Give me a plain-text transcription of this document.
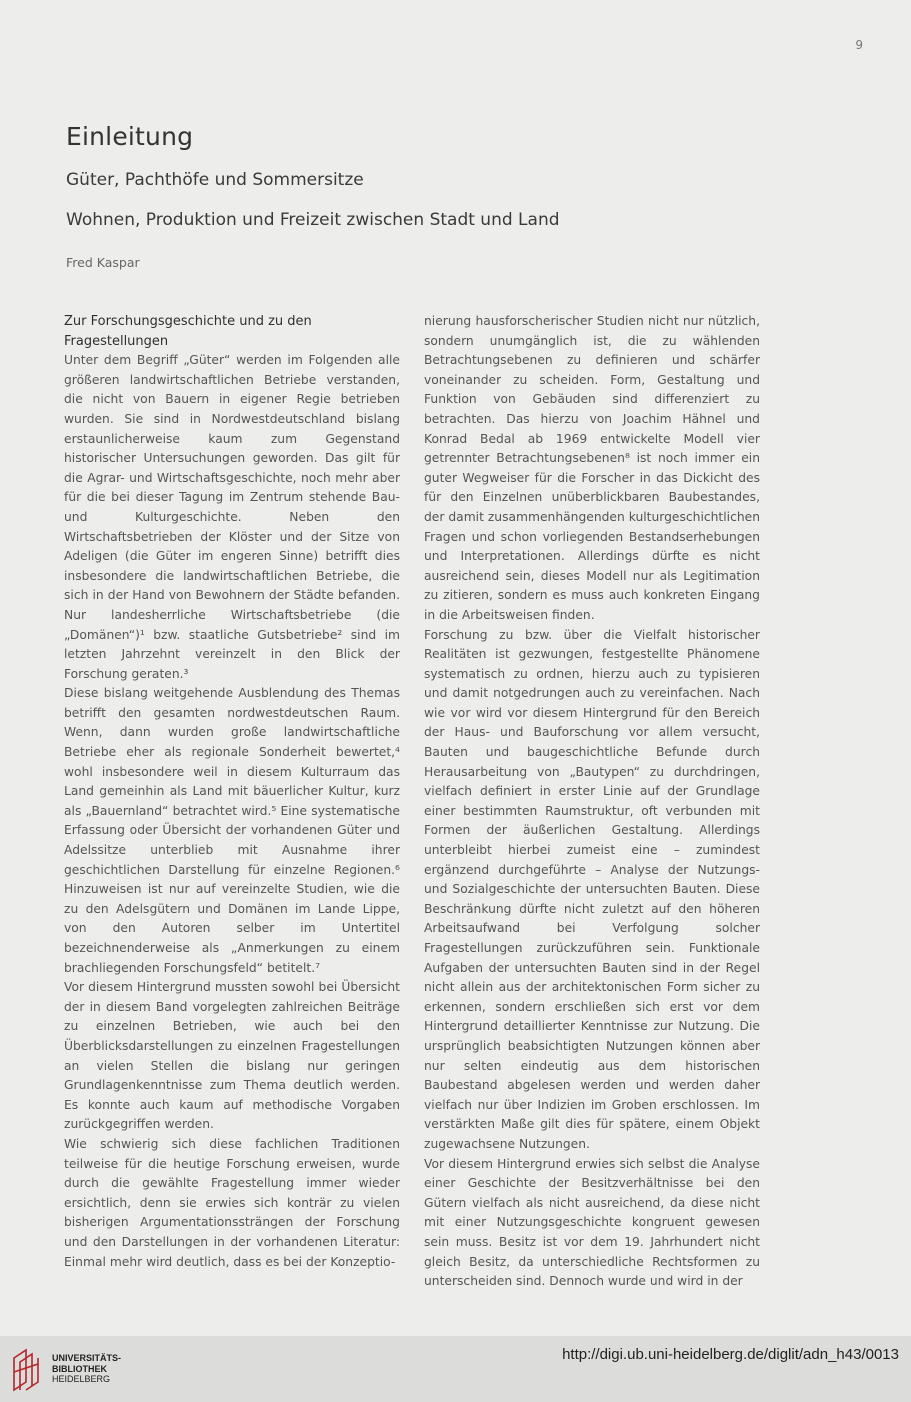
9
Einleitung
Güter, Pachthöfe und Sommersitze
Wohnen, Produktion und Freizeit zwischen Stadt und Land
Fred Kaspar
Zur Forschungsgeschichte und zu den Fragestellungen

Unter dem Begriff „Güter“ werden im Folgenden alle größeren landwirtschaftlichen Betriebe verstanden, die nicht von Bauern in eigener Regie betrieben wurden. Sie sind in Nordwestdeutschland bislang erstaunlicherweise kaum zum Gegenstand historischer Untersuchungen geworden. Das gilt für die Agrar- und Wirtschaftsgeschichte, noch mehr aber für die bei dieser Tagung im Zentrum stehende Bau- und Kulturgeschichte. Neben den Wirtschaftsbetrieben der Klöster und der Sitze von Adeligen (die Güter im engeren Sinne) betrifft dies insbesondere die landwirtschaftlichen Betriebe, die sich in der Hand von Bewohnern der Städte befanden. Nur landesherrliche Wirtschaftsbetriebe (die „Domänen“)¹ bzw. staatliche Gutsbetriebe² sind im letzten Jahrzehnt vereinzelt in den Blick der Forschung geraten.³

Diese bislang weitgehende Ausblendung des Themas betrifft den gesamten nordwestdeutschen Raum. Wenn, dann wurden große landwirtschaftliche Betriebe eher als regionale Sonderheit bewertet,⁴ wohl insbesondere weil in diesem Kulturraum das Land gemeinhin als Land mit bäuerlicher Kultur, kurz als „Bauernland“ betrachtet wird.⁵ Eine systematische Erfassung oder Übersicht der vorhandenen Güter und Adelssitze unterblieb mit Ausnahme ihrer geschichtlichen Darstellung für einzelne Regionen.⁶ Hinzuweisen ist nur auf vereinzelte Studien, wie die zu den Adelsgütern und Domänen im Lande Lippe, von den Autoren selber im Untertitel bezeichnenderweise als „Anmerkungen zu einem brachliegenden Forschungsfeld“ betitelt.⁷

Vor diesem Hintergrund mussten sowohl bei Übersicht der in diesem Band vorgelegten zahlreichen Beiträge zu einzelnen Betrieben, wie auch bei den Überblicksdarstellungen zu einzelnen Fragestellungen an vielen Stellen die bislang nur geringen Grundlagenkenntnisse zum Thema deutlich werden. Es konnte auch kaum auf methodische Vorgaben zurückgegriffen werden.

Wie schwierig sich diese fachlichen Traditionen teilweise für die heutige Forschung erweisen, wurde durch die gewählte Fragestellung immer wieder ersichtlich, denn sie erwies sich konträr zu vielen bisherigen Argumentationssträngen der Forschung und den Darstellungen in der vorhandenen Literatur: Einmal mehr wird deutlich, dass es bei der Konzeptio-

nierung hausforscherischer Studien nicht nur nützlich, sondern unumgänglich ist, die zu wählenden Betrachtungsebenen zu definieren und schärfer voneinander zu scheiden. Form, Gestaltung und Funktion von Gebäuden sind differenziert zu betrachten. Das hierzu von Joachim Hähnel und Konrad Bedal ab 1969 entwickelte Modell vier getrennter Betrachtungsebenen⁸ ist noch immer ein guter Wegweiser für die Forscher in das Dickicht des für den Einzelnen unüberblickbaren Baubestandes, der damit zusammenhängenden kulturgeschichtlichen Fragen und schon vorliegenden Bestandserhebungen und Interpretationen. Allerdings dürfte es nicht ausreichend sein, dieses Modell nur als Legitimation zu zitieren, sondern es muss auch konkreten Eingang in die Arbeitsweisen finden.

Forschung zu bzw. über die Vielfalt historischer Realitäten ist gezwungen, festgestellte Phänomene systematisch zu ordnen, hierzu auch zu typisieren und damit notgedrungen auch zu vereinfachen. Nach wie vor wird vor diesem Hintergrund für den Bereich der Haus- und Bauforschung vor allem versucht, Bauten und baugeschichtliche Befunde durch Herausarbeitung von „Bautypen“ zu durchdringen, vielfach definiert in erster Linie auf der Grundlage einer bestimmten Raumstruktur, oft verbunden mit Formen der äußerlichen Gestaltung. Allerdings unterbleibt hierbei zumeist eine – zumindest ergänzend durchgeführte – Analyse der Nutzungs- und Sozialgeschichte der untersuchten Bauten. Diese Beschränkung dürfte nicht zuletzt auf den höheren Arbeitsaufwand bei Verfolgung solcher Fragestellungen zurückzuführen sein. Funktionale Aufgaben der untersuchten Bauten sind in der Regel nicht allein aus der architektonischen Form sicher zu erkennen, sondern erschließen sich erst vor dem Hintergrund detaillierter Kenntnisse zur Nutzung. Die ursprünglich beabsichtigten Nutzungen können aber nur selten eindeutig aus dem historischen Baubestand abgelesen werden und werden daher vielfach nur über Indizien im Groben erschlossen. Im verstärkten Maße gilt dies für spätere, einem Objekt zugewachsene Nutzungen.

Vor diesem Hintergrund erwies sich selbst die Analyse einer Geschichte der Besitzverhältnisse bei den Gütern vielfach als nicht ausreichend, da diese nicht mit einer Nutzungsgeschichte kongruent gewesen sein muss. Besitz ist vor dem 19. Jahrhundert nicht gleich Besitz, da unterschiedliche Rechtsformen zu unterscheiden sind. Dennoch wurde und wird in der

UNIVERSITÄTS-
BIBLIOTHEK
HEIDELBERG
http://digi.ub.uni-heidelberg.de/diglit/adn_h43/0013
